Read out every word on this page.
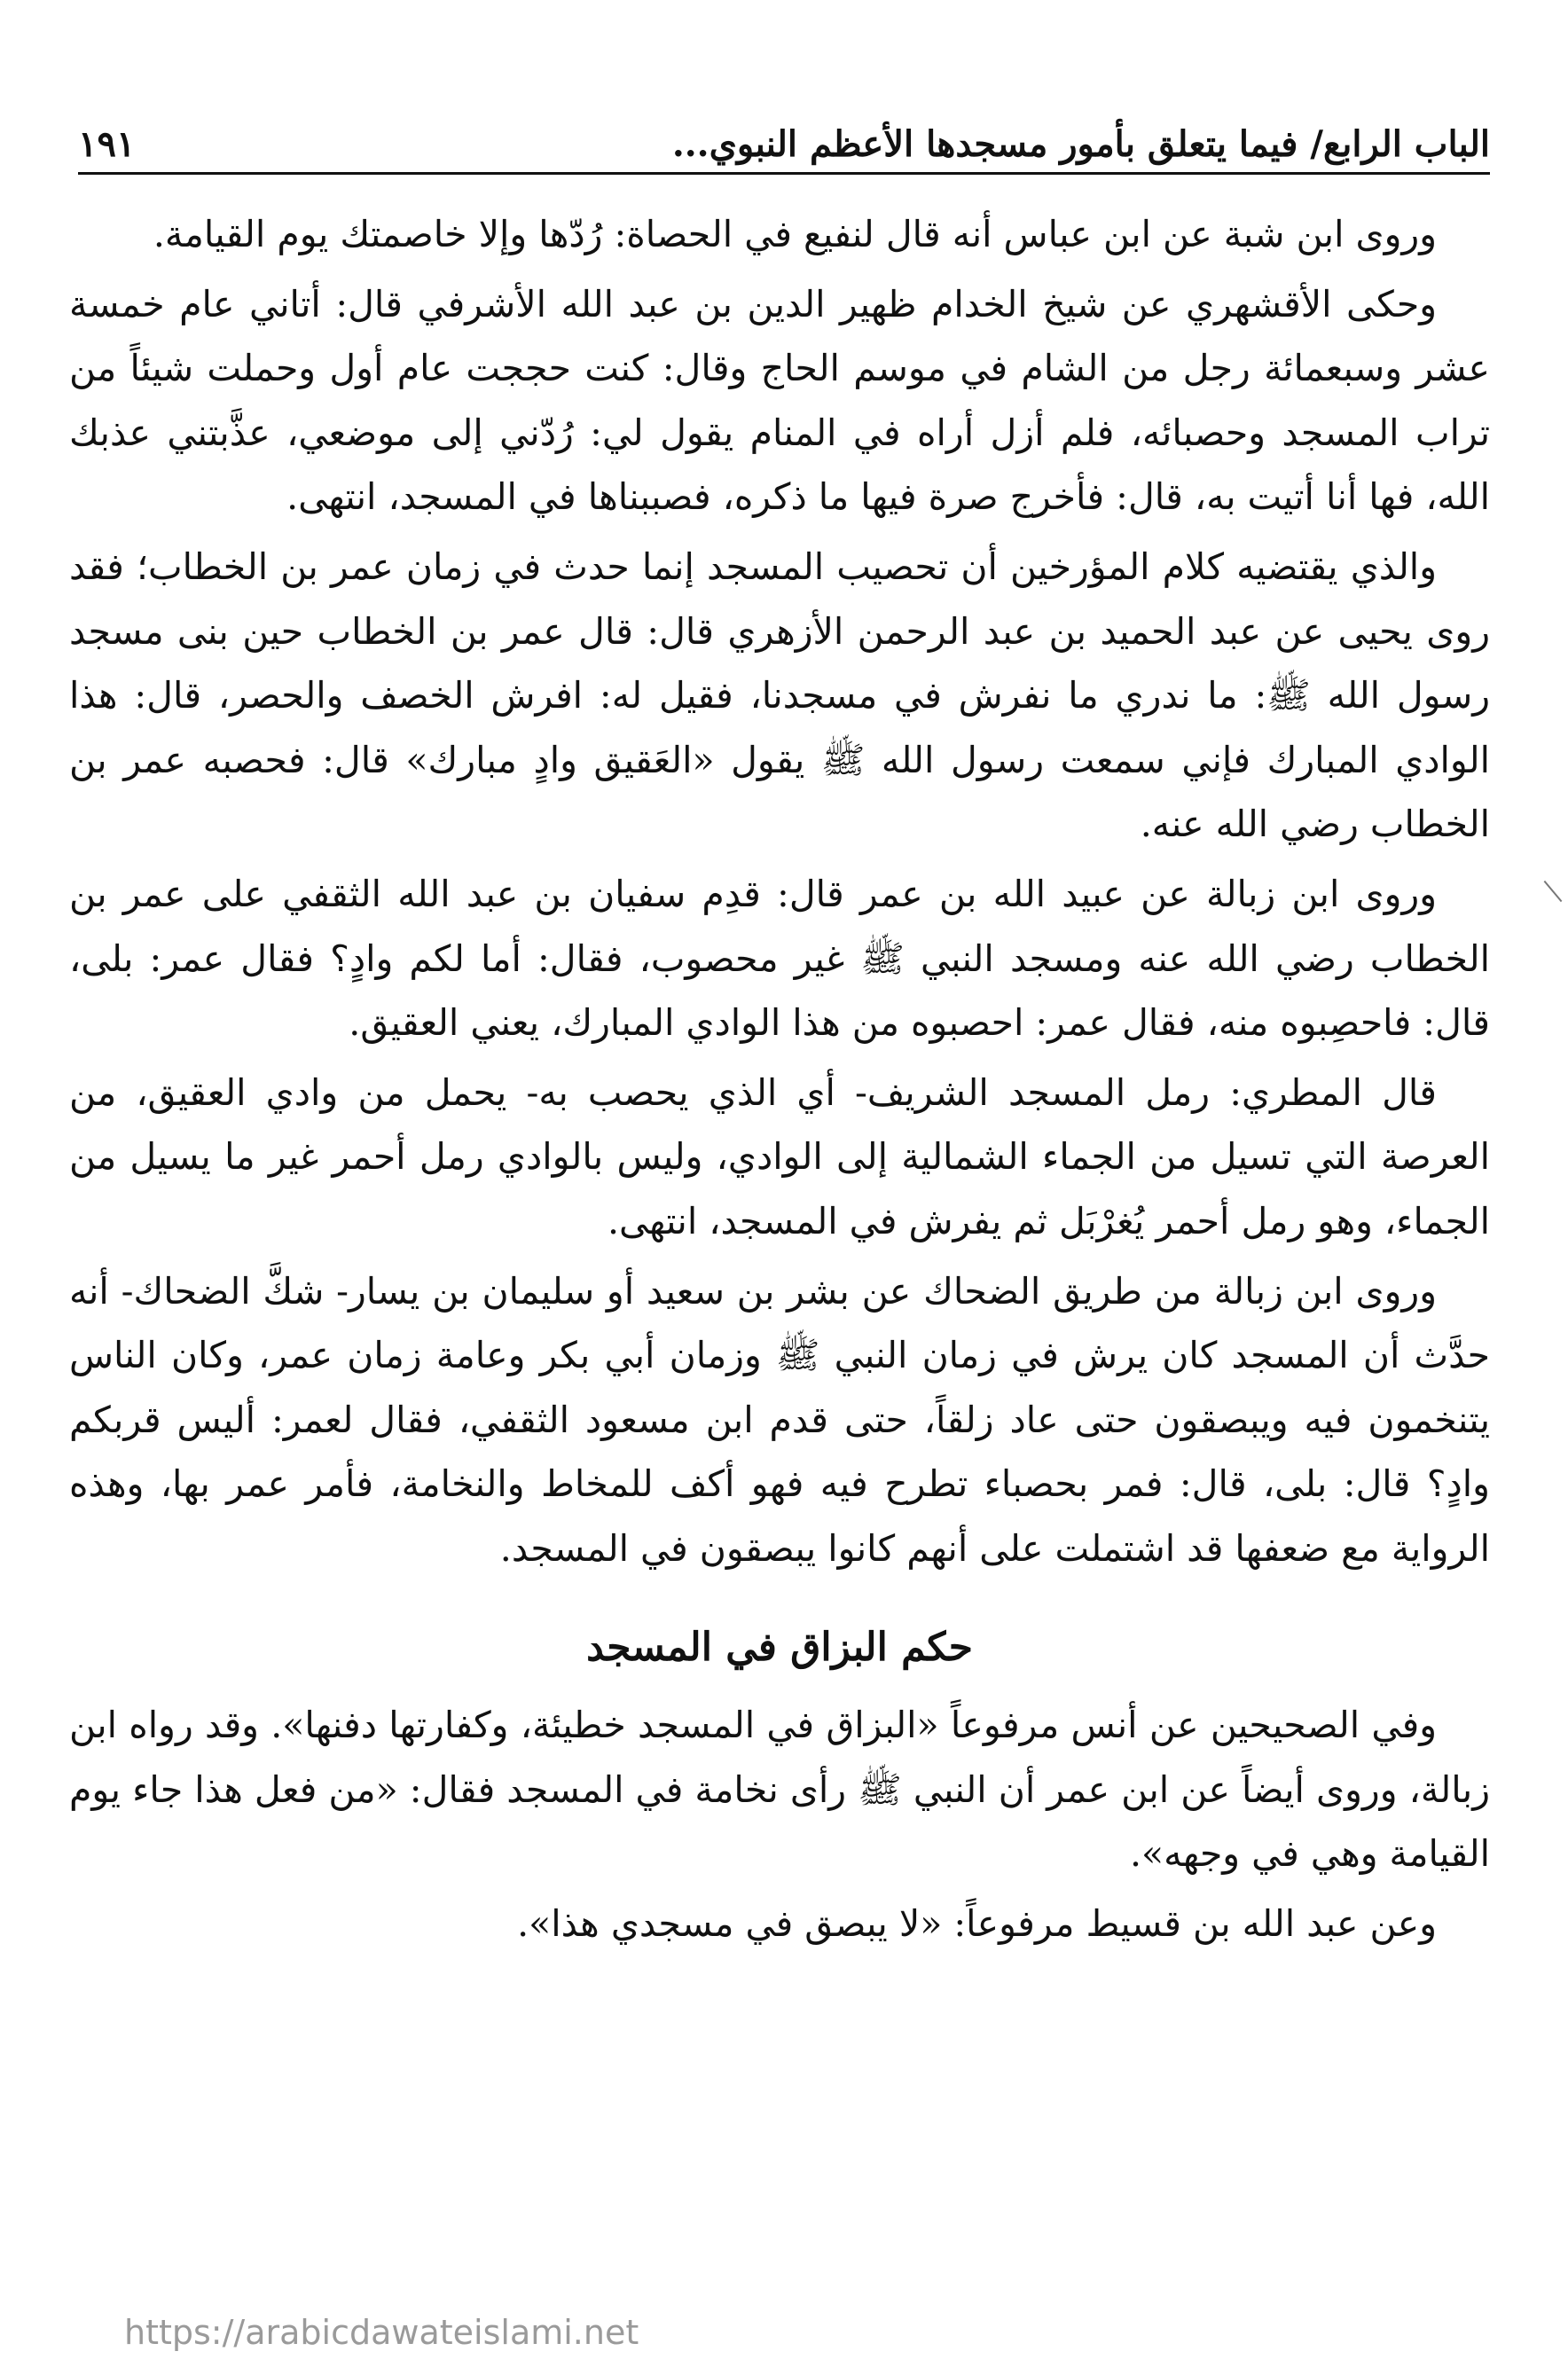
الباب الرابع/ فيما يتعلق بأمور مسجدها الأعظم النبوي...
١٩١

وروى ابن شبة عن ابن عباس أنه قال لنفيع في الحصاة: رُدّها وإلا خاصمتك يوم القيامة.

وحكى الأقشهري عن شيخ الخدام ظهير الدين بن عبد الله الأشرفي قال: أتاني عام خمسة عشر وسبعمائة رجل من الشام في موسم الحاج وقال: كنت حججت عام أول وحملت شيئاً من تراب المسجد وحصبائه، فلم أزل أراه في المنام يقول لي: رُدّني إلى موضعي، عذَّبتني عذبك الله، فها أنا أتيت به، قال: فأخرج صرة فيها ما ذكره، فصببناها في المسجد، انتهى.

والذي يقتضيه كلام المؤرخين أن تحصيب المسجد إنما حدث في زمان عمر بن الخطاب؛ فقد روى يحيى عن عبد الحميد بن عبد الرحمن الأزهري قال: قال عمر بن الخطاب حين بنى مسجد رسول الله ﷺ: ما ندري ما نفرش في مسجدنا، فقيل له: افرش الخصف والحصر، قال: هذا الوادي المبارك فإني سمعت رسول الله ﷺ يقول «العَقيق وادٍ مبارك» قال: فحصبه عمر بن الخطاب رضي الله عنه.

وروى ابن زبالة عن عبيد الله بن عمر قال: قدِم سفيان بن عبد الله الثقفي على عمر بن الخطاب رضي الله عنه ومسجد النبي ﷺ غير محصوب، فقال: أما لكم وادٍ؟ فقال عمر: بلى، قال: فاحصِبوه منه، فقال عمر: احصبوه من هذا الوادي المبارك، يعني العقيق.

قال المطري: رمل المسجد الشريف- أي الذي يحصب به- يحمل من وادي العقيق، من العرصة التي تسيل من الجماء الشمالية إلى الوادي، وليس بالوادي رمل أحمر غير ما يسيل من الجماء، وهو رمل أحمر يُغرْبَل ثم يفرش في المسجد، انتهى.

وروى ابن زبالة من طريق الضحاك عن بشر بن سعيد أو سليمان بن يسار- شكَّ الضحاك- أنه حدَّث أن المسجد كان يرش في زمان النبي ﷺ وزمان أبي بكر وعامة زمان عمر، وكان الناس يتنخمون فيه ويبصقون حتى عاد زلقاً، حتى قدم ابن مسعود الثقفي، فقال لعمر: أليس قربكم وادٍ؟ قال: بلى، قال: فمر بحصباء تطرح فيه فهو أكف للمخاط والنخامة، فأمر عمر بها، وهذه الرواية مع ضعفها قد اشتملت على أنهم كانوا يبصقون في المسجد.

حكم البزاق في المسجد

وفي الصحيحين عن أنس مرفوعاً «البزاق في المسجد خطيئة، وكفارتها دفنها». وقد رواه ابن زبالة، وروى أيضاً عن ابن عمر أن النبي ﷺ رأى نخامة في المسجد فقال: «من فعل هذا جاء يوم القيامة وهي في وجهه».

وعن عبد الله بن قسيط مرفوعاً: «لا يبصق في مسجدي هذا».

https://arabicdawateislami.net
